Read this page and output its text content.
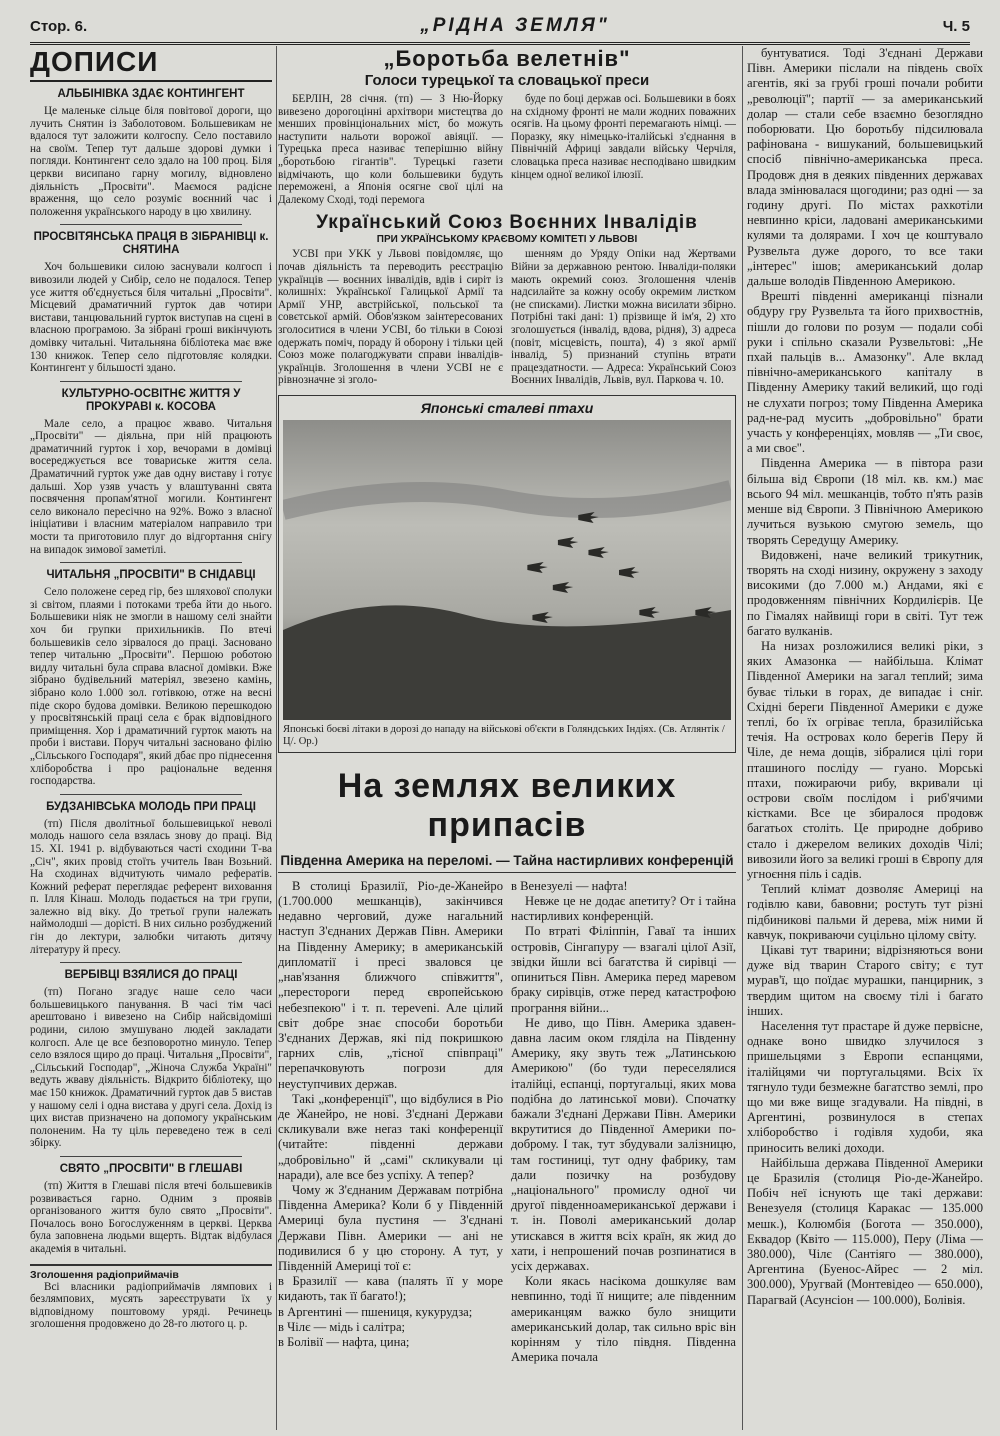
Стор. 6.	„РІДНА ЗЕМЛЯ"	Ч. 5
ДОПИСИ
АЛЬБІНІВКА ЗДАЄ КОНТИНГЕНТ

Це маленьке сільце біля повітової дороги, що лучить Снятин із Заболотовом. Большевикам не вдалося тут заложити колгоспу. Село поставило на своїм. Тепер тут дальше здорові думки і погляди. Контингент село здало на 100 проц. Біля церкви висипано гарну могилу, відновлено діяльність „Просвіти". Маємося радісне враження, що село розуміє воєнний час і положення українського народу в цю хвилину.

ПРОСВІТЯНСЬКА ПРАЦЯ В ЗІБРАНІВЦІ к. СНЯТИНА

Хоч большевики силою заснували колгосп і вивозили людей у Сибір, село не подалося. Тепер усе життя об'єднується біля читальні „Просвіти". Місцевий драматичний гурток дав чотири вистави, танцювальний гурток виступав на сцені в власною програмою. За зібрані гроші викінчують домівку читальні. Читальняна бібліотека має вже 130 книжок. Тепер село підготовляє колядки. Контингент у більшості здано.

КУЛЬТУРНО-ОСВІТНЄ ЖИТТЯ У ПРОКУРАВІ к. КОСОВА

Мале село, а працює жваво. Читальня „Просвіти" — діяльна, при ній працюють драматичний гурток і хор, вечорами в домівці восереджується все товариське життя села. Драматичний гурток уже дав одну виставу і готує дальші. Хор узяв участь у влаштуванні свята посвячення пропам'ятної могили. Контингент село виконало пересічно на 92%. Вожо з власної ініціативи і власним матеріалом направило три мости та приготовило плуг до відгортання снігу на випадок зимової заметілі.

ЧИТАЛЬНЯ „ПРОСВІТИ" В СНІДАВЦІ

Село положене серед гір, без шляхової сполуки зі світом, плаями і потоками треба йти до нього. Большевики ніяк не змогли в нашому селі знайти хоч би групки прихильників. По втечі большевиків село зірвалося до праці. Засновано тепер читальню „Просвіти". Першою роботою видлу читальні була справа власної домівки. Вже зібрано будівельний матеріял, звезено камінь, зібрано коло 1.000 зол. готівкою, отже на весні піде скоро будова домівки. Великою перешкодою у просвітянській праці села є брак відповідного приміщення. Хор і драматичний гурток мають на проби і вистави. Поруч читальні засновано філію „Сільського Господаря", який дбає про піднесення хліборобства і про раціональне ведення господарства.

БУДЗАНІВСЬКА МОЛОДЬ ПРИ ПРАЦІ

(тп) Після дволітньої большевицької неволі молодь нашого села взялась знову до праці. Від 15. XI. 1941 р. відбуваються часті сходини Т-ва „Січ", яких провід стоїть учитель Іван Возьний. На сходинах відчитують чимало рефератів. Кожний реферат переглядає референт виховання п. Ілля Кінаш. Молодь подається на три групи, залежно від віку. До третьої групи належать наймолодші — дорісті. В них сильно розбуджений гін до лектури, залюбки читають дитячу літературу й пресу.

ВЕРБІВЦІ ВЗЯЛИСЯ ДО ПРАЦІ

(тп) Погано згадує наше село часи большевицького панування. В часі тім часі арештовано і вивезено на Сибір найсвідоміші родини, силою змушувано людей закладати колгосп. Але це все безповоротно минуло. Тепер село взялося щиро до праці. Читальня „Просвіти", „Сільський Господар", „Жіноча Служба Україні" ведуть жваву діяльність. Відкрито бібліотеку, що має 150 книжок. Драматичний гурток дав 5 вистав у нашому селі і одна вистава у другі села. Дохід із цих вистав призначено на допомогу українським полоненим. На ту ціль переведено теж в селі збірку.

СВЯТО „ПРОСВІТИ" В ГЛЕШАВІ

(тп) Життя в Глешаві після втечі большевиків розвивається гарно. Одним з проявів організованого життя було свято „Просвіти". Почалось воно Богослуженням в церкві. Церква була заповнена людьми вщерть. Відтак відбулася академія в читальні.

Зголошення радіоприймачів

Всі власники радіоприймачів лямпових і безлямпових, мусять зареєструвати їх у відповідному поштовому уряді. Речинець зголошення продовжено до 28-го лютого ц. р.

„Боротьба велетнів"
Голоси турецької та словацької преси

БЕРЛІН, 28 січня. (тп) — З Ню-Йорку вивезено дорогоцінні архітвори мистецтва до менших провінціональних міст, бо можуть наступити нальоти ворожої авіяції. — Турецька преса називає теперішню війну „боротьбою гігантів". Турецькі газети відмічають, що коли большевики будуть переможені, а Японія осягне свої цілі на Далекому Сході, тоді перемога

буде по боці держав осі. Большевики в боях на східному фронті не мали жодних поважних осягів. На цьому фронті перемагають німці. — Поразку, яку німецько-італійські з'єднання в Північній Африці завдали війську Черчіля, словацька преса називає несподівано швидким кінцем одної великої ілюзії.

Український Союз Воєнних Інвалідів
ПРИ УКРАЇНСЬКОМУ КРАЄВОМУ КОМІТЕТІ У ЛЬВОВІ

УСВІ при УКК у Львові повідомляє, що почав діяльність та переводить реєстрацію українців — воєнних інвалідів, вдів і сиріт із колишніх: Української Галицької Армії та Армії УНР, австрійської, польської та совєтської армій. Обов'язком заінтересованих зголоситися в члени УСВІ, бо тільки в Союзі одержать поміч, пораду й оборону і тільки цей Союз може полагоджувати справи інвалідів-українців. Зголошення в члени УСВІ не є рівнозначне зі зголо-

шенням до Уряду Опіки над Жертвами Війни за державною рентою. Інваліди-поляки мають окремий союз. Зголошення членів надсилайте за кожну особу окремим листком (не списками). Листки можна висилати збірно. Потрібні такі дані: 1) прізвище й ім'я, 2) хто зголошується (інвалід, вдова, рідня), 3) адреса (повіт, місцевість, пошта), 4) з якої армії інвалід, 5) признаний ступінь втрати працездатности. — Адреса: Український Союз Воєнних Інвалідів, Львів, вул. Паркова ч. 10.

Японські сталеві птахи
Японські боєві літаки в дорозі до нападу на військові об'єкти в Голяндських Індіях. (Св. Атлянтік /Ц/. Ор.)
На землях великих припасів
Південна Америка на переломі. — Тайна настирливих конференцій

В столиці Бразилії, Ріо-де-Жанейро (1.700.000 мешканців), закінчився недавно черговий, дуже нагальний наступ З'єднаних Держав Півн. Америки на Південну Америку; в американській дипломатії і пресі зваловся це „нав'язання ближчого співжиття", „перестороги перед європейською небезпекою" і т. п. тереveni. Але цілий світ добре знає способи боротьби З'єднаних Держав, які під покришкою гарних слів, „тісної співпраці" перепачковують погрози для неуступчивих держав.

Такі „конференції", що відбулися в Ріо де Жанейро, не нові. З'єднані Держави скликували вже неraз такі конференції (читайте: південні держави „добровільно" й „самі" скликували ці наради), але все без успіху. А тепер?

Чому ж З'єднаним Державам потрібна Південна Америка? Коли б у Південній Америці була пустиня — З'єднані Держави Півн. Америки — ані не подивилися б у цю сторону. А тут, у Південній Америці тої є:

в Бразилії — кава (палять її у море кидають, так її багато!);

в Аргентині — пшениця, кукурудза;

в Чілє — мідь і салітра;

в Болівії — нафта, цина;

в Венезуелі — нафта!

Невже це не додає апетиту? От і тайна настирливих конференцій.

По втраті Філіппін, Гаваї та інших островів, Сінгапуру — взагалі цілої Азії, звідки йшли всі багатства й сирівці — опиниться Півн. Америка перед маревом браку сирівців, отже перед катастрофою програння війни...

Не диво, що Півн. Америка здавен-давна ласим оком гляділа на Південну Америку, яку звуть теж „Латинською Америкою" (бо туди переселялися італійці, еспанці, португальці, яких мова подібна до латинської мови). Спочатку бажали З'єднані Держави Півн. Америки вкрутитися до Південної Америки по-доброму. І так, тут збудували залізницю, там гостиниці, тут одну фабрику, там дали позичку на розбудову „національного" промислу одної чи другої південноамериканської держави і т. ін. Поволі американський долар утискався в життя всіх країн, як жид до хати, і непрошений почав розпинатися в усіх державах.

Коли якась насікома дошкуляє вам невпинно, тоді її нищите; але південним американцям важко було знищити американський долар, так сильно вріс він корінням у тіло півдня. Південна Америка почала

бунтуватися. Тоді З'єднані Держави Півн. Америки післали на південь своїх агентів, які за грубі гроші почали робити „революції"; партії — за американський долар — стали себе взаємно безоглядно поборювати. Цю боротьбу підсилювала рафінована - вишуканий, большевицький спосіб північно-американська преса. Продовж дня в деяких південних державах влада змінювалася щогодини; раз одні — за годину другі. По містах рахкотіли невпинно кріси, ладовані американськими кулями та долярами. І хоч це коштувало Рузвельта дуже дорого, то все таки „інтерес" ішов; американський долар дальше володів Південною Америкою.

Врешті південні американці пізнали обдуру гру Рузвельта та його прихвостнів, пішли до голови по розум — подали собі руки і спільно сказали Рузвельтові: „Не пхай пальців в... Амазонку". Але вклад північно-американського капіталу в Південну Америку такий великий, що годі не слухати погроз; тому Південна Америка рад-не-рад мусить „добровільно" брати участь у конференціях, мовляв — „Ти своє, а ми своє".

Південна Америка — в півтора рази більша від Європи (18 міл. кв. км.) має всього 94 міл. мешканців, тобто п'ять разів менше від Європи. З Північною Америкою лучиться вузькою смугою земель, що творять Середущу Америку.

Видовжені, наче великий трикутник, творять на сході низину, окружену з заходу високими (до 7.000 м.) Андами, які є продовженням північних Кордилієрів. Це по Гімалях найвищі гори в світі. Тут теж багато вулканів.

На низах розложилися великі ріки, з яких Амазонка — найбільша. Клімат Південної Америки на загал теплий; зима буває тільки в горах, де випадає і сніг. Східні береги Південної Америки є дуже теплі, бо їх огріває тепла, бразилійська течія. На островах коло берегів Перу й Чіле, де нема дощів, зібралися цілі гори пташиного посліду — гуано. Морські птахи, пожираючи рибу, вкривали ці острови своїм послідом і риб'ячими кістками. Все це збиралося продовж багатьох століть. Це природне добриво стало і джерелом великих доходів Чілі; вивозили його за великі гроші в Європу для угноєння піль і садів.

Теплий клімат дозволяє Америці на годівлю кави, бавовни; ростуть тут різні підбиникові пальми й дерева, між ними й кавчук, покриваючи суцільно цілому світу.

Цікаві тут тварини; відрізняються вони дуже від тварин Старого світу; є тут мурав'ї, що поїдає мурашки, панцирник, з твердим щитом на своєму тілі і багато інших.

Населення тут прастаре й дуже первісне, однаке воно швидко злучилося з пришельцями з Европи еспанцями, італійцями чи португальцями. Всіх їх тягнуло туди безмежне багатство землі, про що ми вже вище згадували. На півдні, в Аргентині, розвинулося в степах хліборобство і годівля худоби, яка приносить великі доходи.

Найбільша держава Південної Америки це Бразилія (столиця Ріо-де-Жанейро. Побіч неї існують ще такі держави: Венезуеля (столиця Каракас — 135.000 мешк.), Колюмбія (Богота — 350.000), Еквадор (Квіто — 115.000), Перу (Ліма — 380.000), Чілє (Сантіяго — 380.000), Аргентина (Буенос-Айрес — 2 міл. 300.000), Уругвай (Монтевідео — 650.000), Парагвай (Асунсіон — 100.000), Болівія.
